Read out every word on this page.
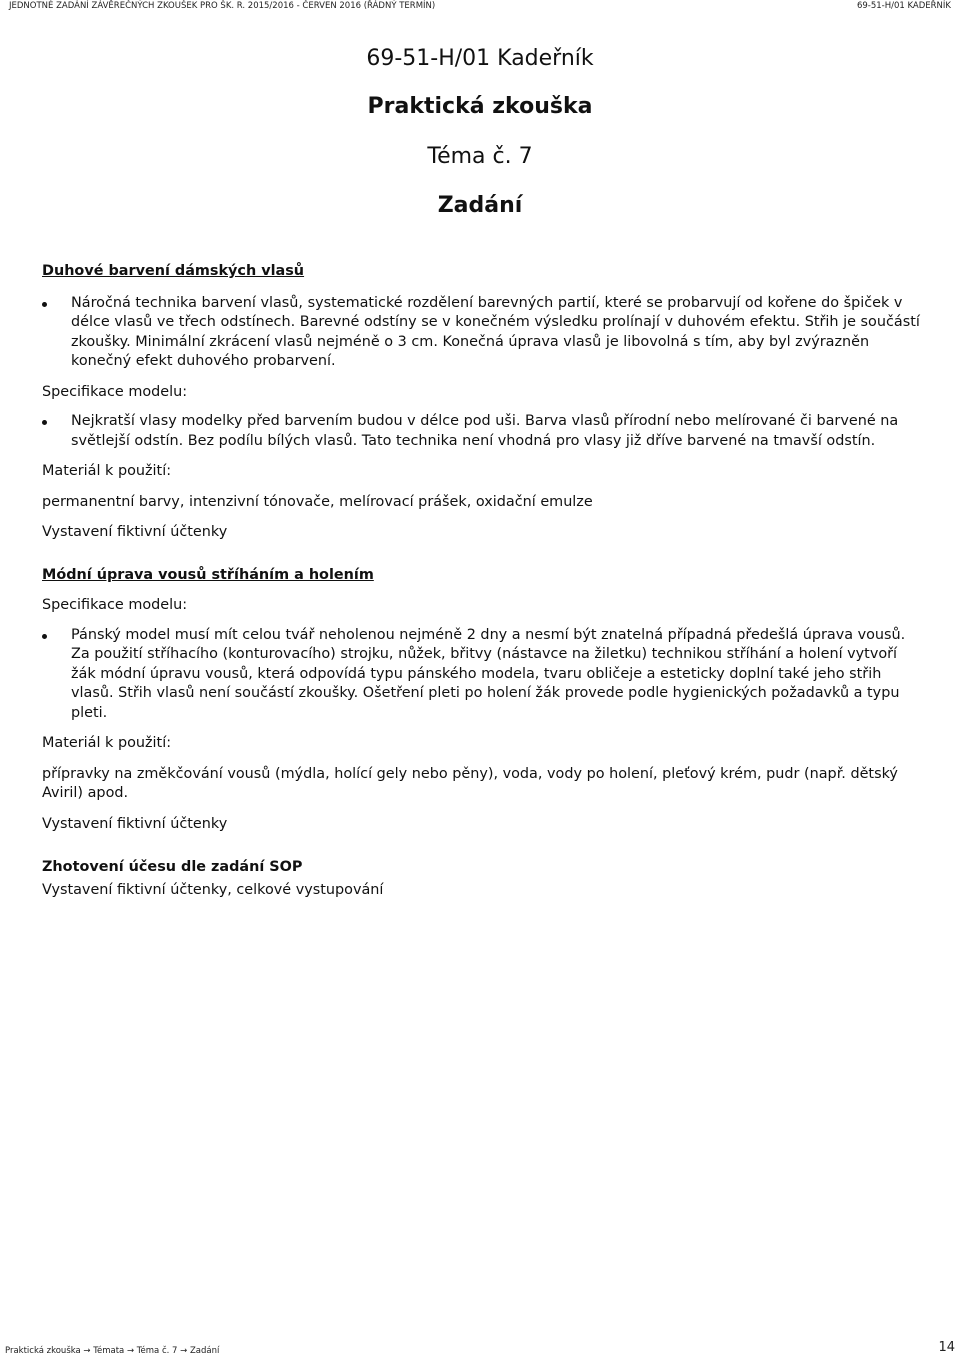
JEDNOTNÉ ZADÁNÍ ZÁVĚREČNÝCH ZKOUŠEK PRO ŠK. R. 2015/2016 - ČERVEN 2016 (ŘÁDNÝ TERMÍN)	69-51-H/01 KADEŘNÍK
69-51-H/01 Kadeřník
Praktická zkouška
Téma č. 7
Zadání

Duhové barvení dámských vlasů

Náročná technika barvení vlasů, systematické rozdělení barevných partií, které se probarvují od kořene do špiček v délce vlasů ve třech odstínech. Barevné odstíny se v konečném výsledku prolínají v duhovém efektu. Střih je součástí zkoušky. Minimální zkrácení vlasů nejméně o 3 cm. Konečná úprava vlasů je libovolná s tím, aby byl zvýrazněn konečný efekt duhového probarvení.

Specifikace modelu:

Nejkratší vlasy modelky před barvením budou v délce pod uši. Barva vlasů přírodní nebo melírované či barvené na světlejší odstín. Bez podílu bílých vlasů. Tato technika není vhodná pro vlasy již dříve barvené na tmavší odstín.

Materiál k použití:

permanentní barvy, intenzivní tónovače, melírovací prášek, oxidační emulze

Vystavení fiktivní účtenky

Módní úprava vousů stříháním a holením

Specifikace modelu:

Pánský model musí mít celou tvář neholenou nejméně 2 dny a nesmí být znatelná případná předešlá úprava vousů. Za použití stříhacího (konturovacího) strojku, nůžek, břitvy (nástavce na žiletku) technikou stříhání a holení vytvoří žák módní úpravu vousů, která odpovídá typu pánského modela, tvaru obličeje a esteticky doplní také jeho střih vlasů. Střih vlasů není součástí zkoušky. Ošetření pleti po holení žák provede podle hygienických požadavků a typu pleti.

Materiál k použití:

přípravky na změkčování vousů (mýdla, holící gely nebo pěny), voda, vody po holení, pleťový krém, pudr (např. dětský Aviril) apod.

Vystavení fiktivní účtenky

Zhotovení účesu dle zadání SOP

Vystavení fiktivní účtenky, celkové vystupování

Praktická zkouška → Témata → Téma č. 7 → Zadání	14
